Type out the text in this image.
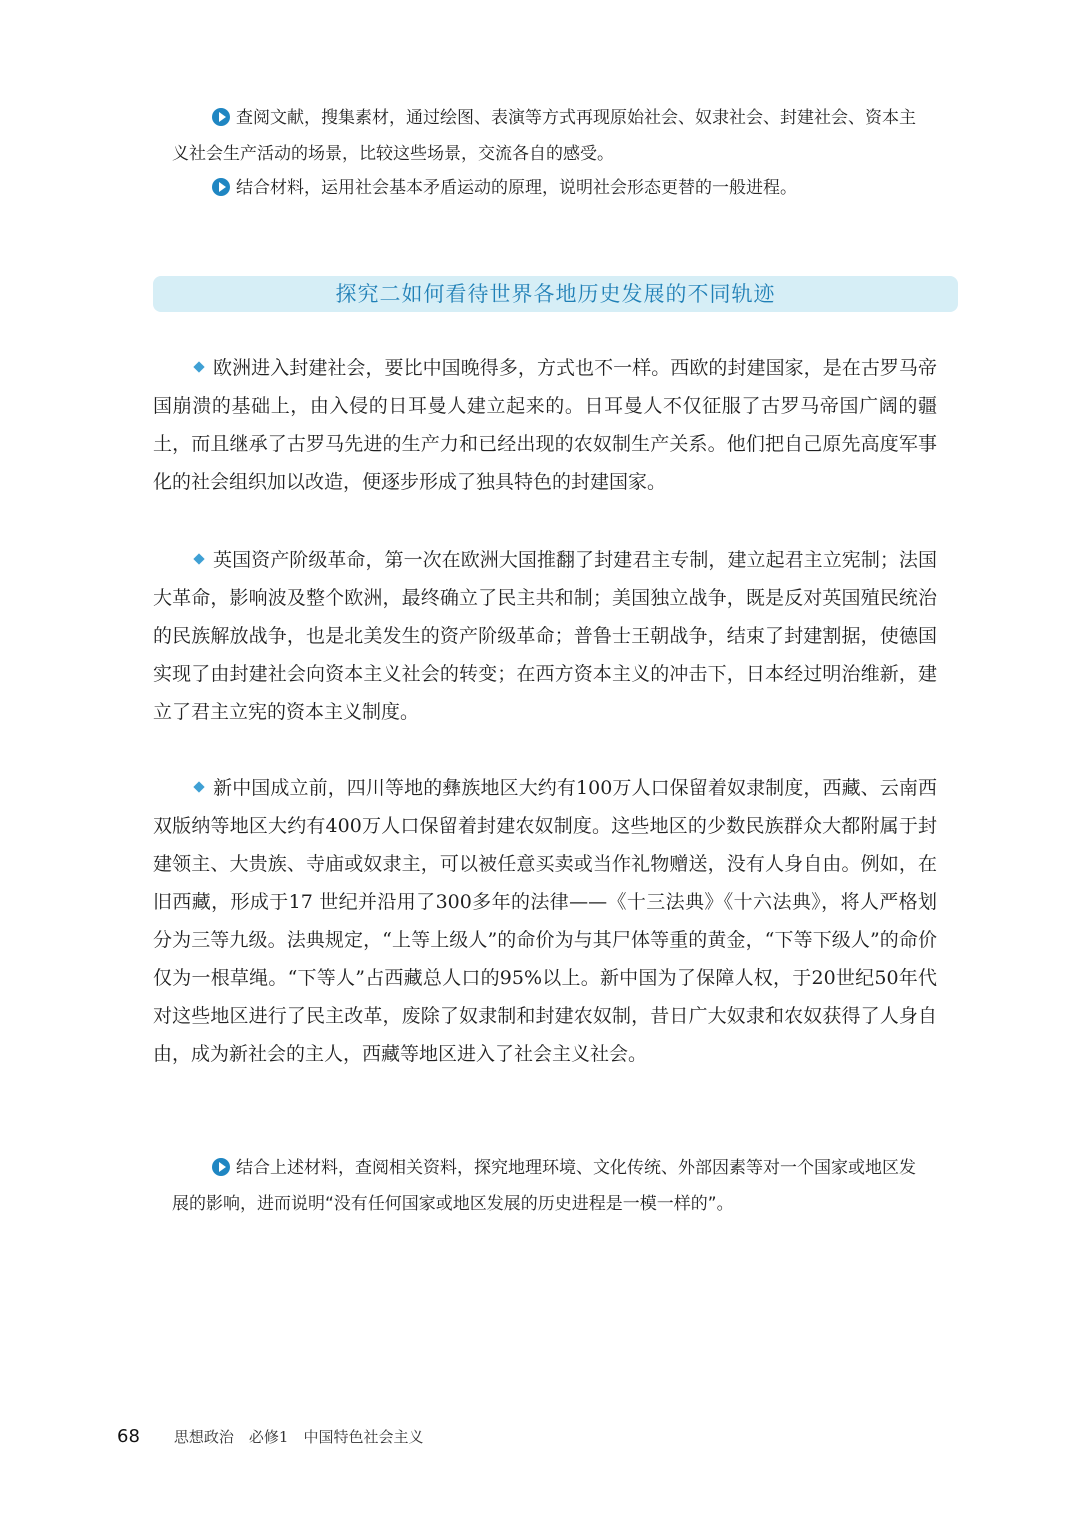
查阅文献，搜集素材，通过绘图、表演等方式再现原始社会、奴隶社会、封建社会、资本主义社会生产活动的场景，比较这些场景，交流各自的感受。
结合材料，运用社会基本矛盾运动的原理，说明社会形态更替的一般进程。
探究二如何看待世界各地历史发展的不同轨迹
欧洲进入封建社会，要比中国晚得多，方式也不一样。西欧的封建国家，是在古罗马帝国崩溃的基础上，由入侵的日耳曼人建立起来的。日耳曼人不仅征服了古罗马帝国广阔的疆土，而且继承了古罗马先进的生产力和已经出现的农奴制生产关系。他们把自己原先高度军事化的社会组织加以改造，便逐步形成了独具特色的封建国家。
英国资产阶级革命，第一次在欧洲大国推翻了封建君主专制，建立起君主立宪制；法国大革命，影响波及整个欧洲，最终确立了民主共和制；美国独立战争，既是反对英国殖民统治的民族解放战争，也是北美发生的资产阶级革命；普鲁士王朝战争，结束了封建割据，使德国实现了由封建社会向资本主义社会的转变；在西方资本主义的冲击下，日本经过明治维新，建立了君主立宪的资本主义制度。
新中国成立前，四川等地的彝族地区大约有100万人口保留着奴隶制度，西藏、云南西双版纳等地区大约有400万人口保留着封建农奴制度。这些地区的少数民族群众大都附属于封建领主、大贵族、寺庙或奴隶主，可以被任意买卖或当作礼物赠送，没有人身自由。例如，在旧西藏，形成于17 世纪并沿用了300多年的法律——《十三法典》《十六法典》，将人严格划分为三等九级。法典规定，“上等上级人”的命价为与其尸体等重的黄金，“下等下级人”的命价仅为一根草绳。“下等人”占西藏总人口的95%以上。新中国为了保障人权，于20世纪50年代对这些地区进行了民主改革，废除了奴隶制和封建农奴制，昔日广大奴隶和农奴获得了人身自由，成为新社会的主人，西藏等地区进入了社会主义社会。
结合上述材料，查阅相关资料，探究地理环境、文化传统、外部因素等对一个国家或地区发展的影响，进而说明“没有任何国家或地区发展的历史进程是一模一样的”。
68 思想政治　必修1　中国特色社会主义
